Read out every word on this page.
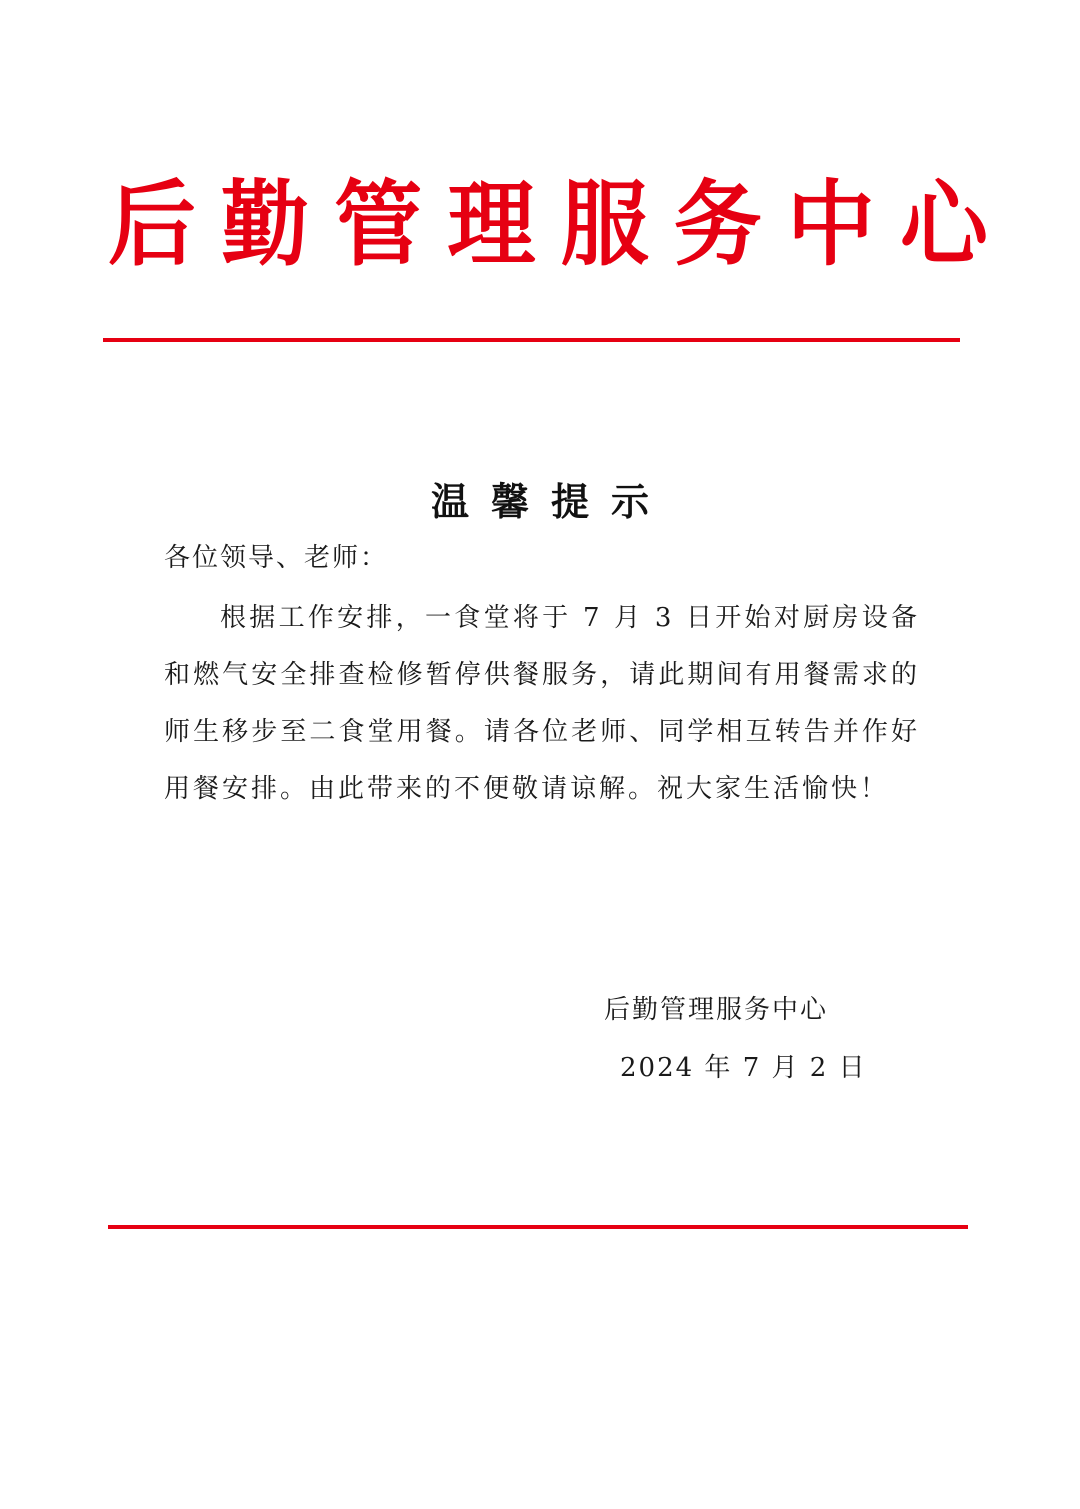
后 勤 管 理 服 务 中 心
温馨提示
各位领导、老师：
根据工作安排，一食堂将于 7 月 3 日开始对厨房设备和燃气安全排查检修暂停供餐服务，请此期间有用餐需求的师生移步至二食堂用餐。请各位老师、同学相互转告并作好用餐安排。由此带来的不便敬请谅解。祝大家生活愉快！
后勤管理服务中心
2024 年 7 月 2 日
